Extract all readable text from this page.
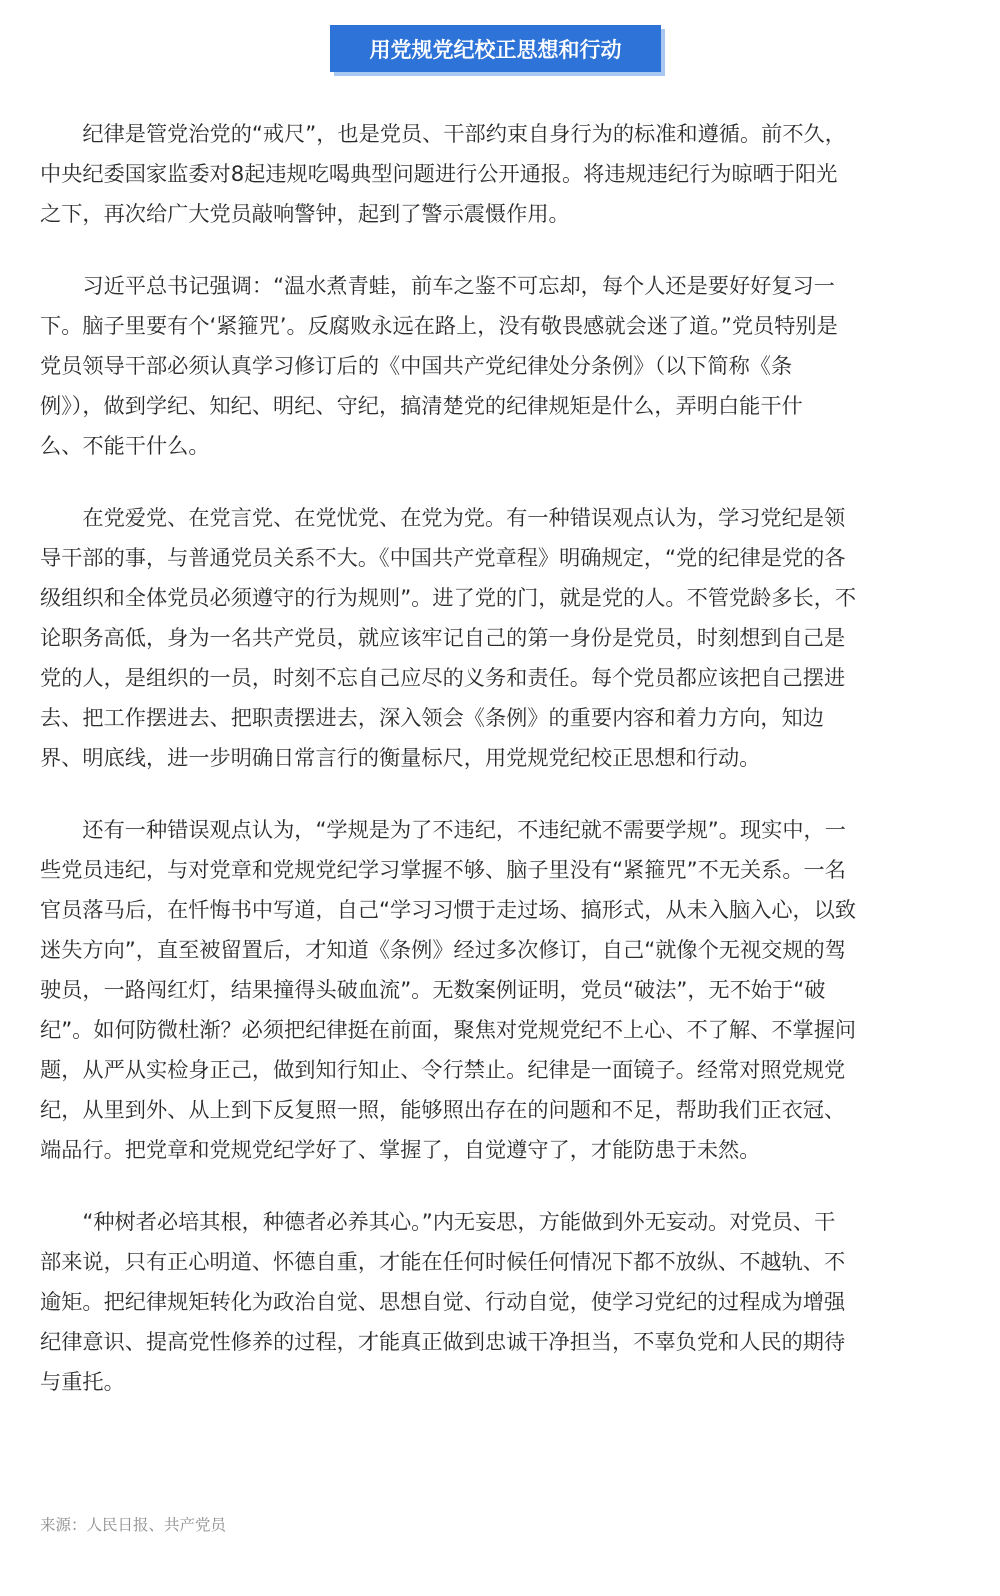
用党规党纪校正思想和行动

　　纪律是管党治党的“戒尺”，也是党员、干部约束自身行为的标准和遵循。前不久，
中央纪委国家监委对8起违规吃喝典型问题进行公开通报。将违规违纪行为晾晒于阳光
之下，再次给广大党员敲响警钟，起到了警示震慑作用。

　　习近平总书记强调：“温水煮青蛙，前车之鉴不可忘却，每个人还是要好好复习一
下。脑子里要有个‘紧箍咒’。反腐败永远在路上，没有敬畏感就会迷了道。”党员特别是
党员领导干部必须认真学习修订后的《中国共产党纪律处分条例》（以下简称《条
例》），做到学纪、知纪、明纪、守纪，搞清楚党的纪律规矩是什么，弄明白能干什
么、不能干什么。

　　在党爱党、在党言党、在党忧党、在党为党。有一种错误观点认为，学习党纪是领
导干部的事，与普通党员关系不大。《中国共产党章程》明确规定，“党的纪律是党的各
级组织和全体党员必须遵守的行为规则”。进了党的门，就是党的人。不管党龄多长，不
论职务高低，身为一名共产党员，就应该牢记自己的第一身份是党员，时刻想到自己是
党的人，是组织的一员，时刻不忘自己应尽的义务和责任。每个党员都应该把自己摆进
去、把工作摆进去、把职责摆进去，深入领会《条例》的重要内容和着力方向，知边
界、明底线，进一步明确日常言行的衡量标尺，用党规党纪校正思想和行动。

　　还有一种错误观点认为，“学规是为了不违纪，不违纪就不需要学规”。现实中，一
些党员违纪，与对党章和党规党纪学习掌握不够、脑子里没有“紧箍咒”不无关系。一名
官员落马后，在忏悔书中写道，自己“学习习惯于走过场、搞形式，从未入脑入心，以致
迷失方向”，直至被留置后，才知道《条例》经过多次修订，自己“就像个无视交规的驾
驶员，一路闯红灯，结果撞得头破血流”。无数案例证明，党员“破法”，无不始于“破
纪”。如何防微杜渐？必须把纪律挺在前面，聚焦对党规党纪不上心、不了解、不掌握问
题，从严从实检身正己，做到知行知止、令行禁止。纪律是一面镜子。经常对照党规党
纪，从里到外、从上到下反复照一照，能够照出存在的问题和不足，帮助我们正衣冠、
端品行。把党章和党规党纪学好了、掌握了，自觉遵守了，才能防患于未然。

　　“种树者必培其根，种德者必养其心。”内无妄思，方能做到外无妄动。对党员、干
部来说，只有正心明道、怀德自重，才能在任何时候任何情况下都不放纵、不越轨、不
逾矩。把纪律规矩转化为政治自觉、思想自觉、行动自觉，使学习党纪的过程成为增强
纪律意识、提高党性修养的过程，才能真正做到忠诚干净担当，不辜负党和人民的期待
与重托。

来源：人民日报、共产党员
